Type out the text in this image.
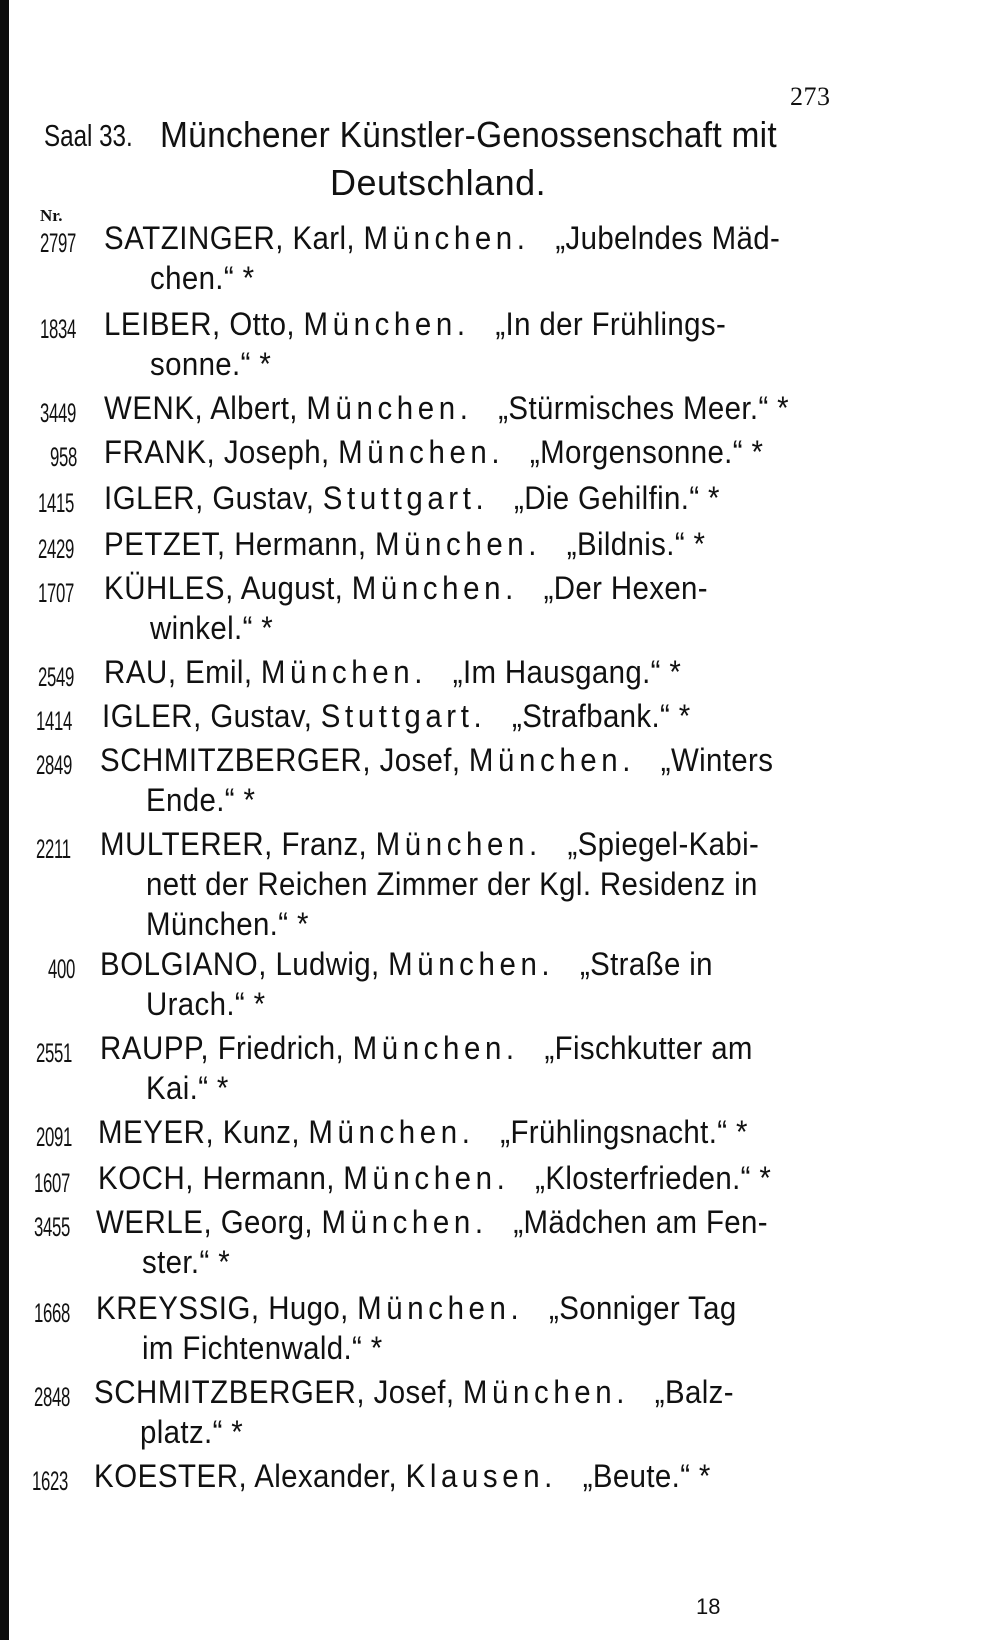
273
Saal 33. Münchener Künstler-Genossenschaft mit
Deutschland.
Nr.
2797 SATZINGER, Karl, München. „Jubelndes Mäd-
chen.“ *
1834 LEIBER, Otto, München. „In der Frühlings-
sonne.“ *
3449 WENK, Albert, München. „Stürmisches Meer.“ *
958 FRANK, Joseph, München. „Morgensonne.“ *
1415 IGLER, Gustav, Stuttgart. „Die Gehilfin.“ *
2429 PETZET, Hermann, München. „Bildnis.“ *
1707 KÜHLES, August, München. „Der Hexen-
winkel.“ *
2549 RAU, Emil, München. „Im Hausgang.“ *
1414 IGLER, Gustav, Stuttgart. „Strafbank.“ *
2849 SCHMITZBERGER, Josef, München. „Winters
Ende.“ *
2211 MULTERER, Franz, München. „Spiegel-Kabi-
nett der Reichen Zimmer der Kgl. Residenz in
München.“ *
400 BOLGIANO, Ludwig, München. „Straße in
Urach.“ *
2551 RAUPP, Friedrich, München. „Fischkutter am
Kai.“ *
2091 MEYER, Kunz, München. „Frühlingsnacht.“ *
1607 KOCH, Hermann, München. „Klosterfrieden.“ *
3455 WERLE, Georg, München. „Mädchen am Fen-
ster.“ *
1668 KREYSSIG, Hugo, München. „Sonniger Tag
im Fichtenwald.“ *
2848 SCHMITZBERGER, Josef, München. „Balz-
platz.“ *
1623 KOESTER, Alexander, Klausen. „Beute.“ *
18
